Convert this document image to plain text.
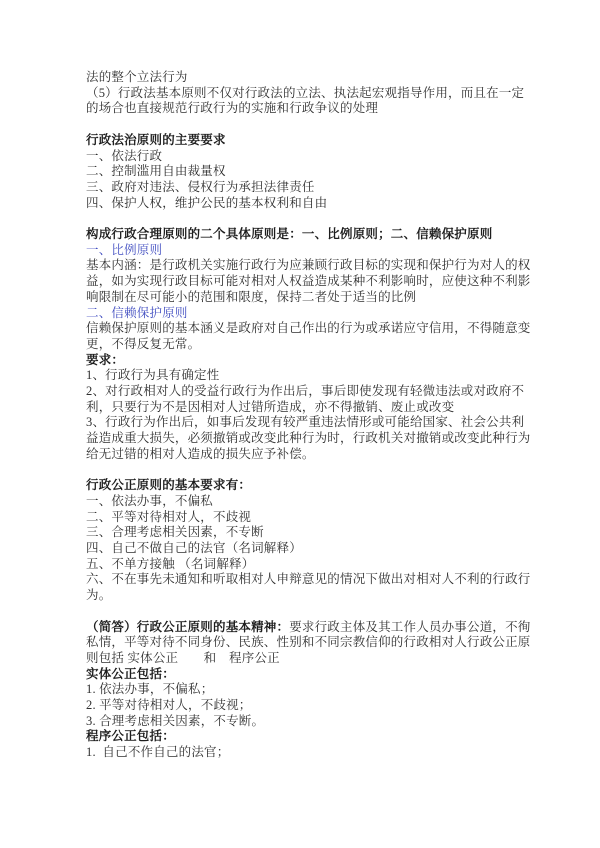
法的整个立法行为
（5）行政法基本原则不仅对行政法的立法、执法起宏观指导作用，而且在一定
的场合也直接规范行政行为的实施和行政争议的处理
行政法治原则的主要要求
一、依法行政
二、控制滥用自由裁量权
三、政府对违法、侵权行为承担法律责任
四、保护人权，维护公民的基本权利和自由
构成行政合理原则的二个具体原则是：一、比例原则；二、信赖保护原则
一、比例原则
基本内涵：是行政机关实施行政行为应兼顾行政目标的实现和保护行为对人的权
益，如为实现行政目标可能对相对人权益造成某种不利影响时，应使这种不利影
响限制在尽可能小的范围和限度，保持二者处于适当的比例
二、信赖保护原则
信赖保护原则的基本涵义是政府对自己作出的行为或承诺应守信用，不得随意变
更，不得反复无常。
要求：
1、行政行为具有确定性
2、对行政相对人的受益行政行为作出后，事后即使发现有轻微违法或对政府不
利，只要行为不是因相对人过错所造成，亦不得撤销、废止或改变
3、行政行为作出后，如事后发现有较严重违法情形或可能给国家、社会公共利
益造成重大损失，必须撤销或改变此种行为时，行政机关对撤销或改变此种行为
给无过错的相对人造成的损失应予补偿。
行政公正原则的基本要求有：
一、依法办事，不偏私
二、平等对待相对人，不歧视
三、合理考虑相关因素，不专断
四、自己不做自己的法官（名词解释）
五、不单方接触 （名词解释）
六、不在事先未通知和听取相对人申辩意见的情况下做出对相对人不利的行政行
为。
（简答）行政公正原则的基本精神：要求行政主体及其工作人员办事公道，不徇
私情，平等对待不同身份、民族、性别和不同宗教信仰的行政相对人行政公正原
则包括 实体公正　　和　程序公正
实体公正包括：
1. 依法办事，不偏私；
2. 平等对待相对人，不歧视；
3. 合理考虑相关因素，不专断。
程序公正包括：
1.  自己不作自己的法官；
